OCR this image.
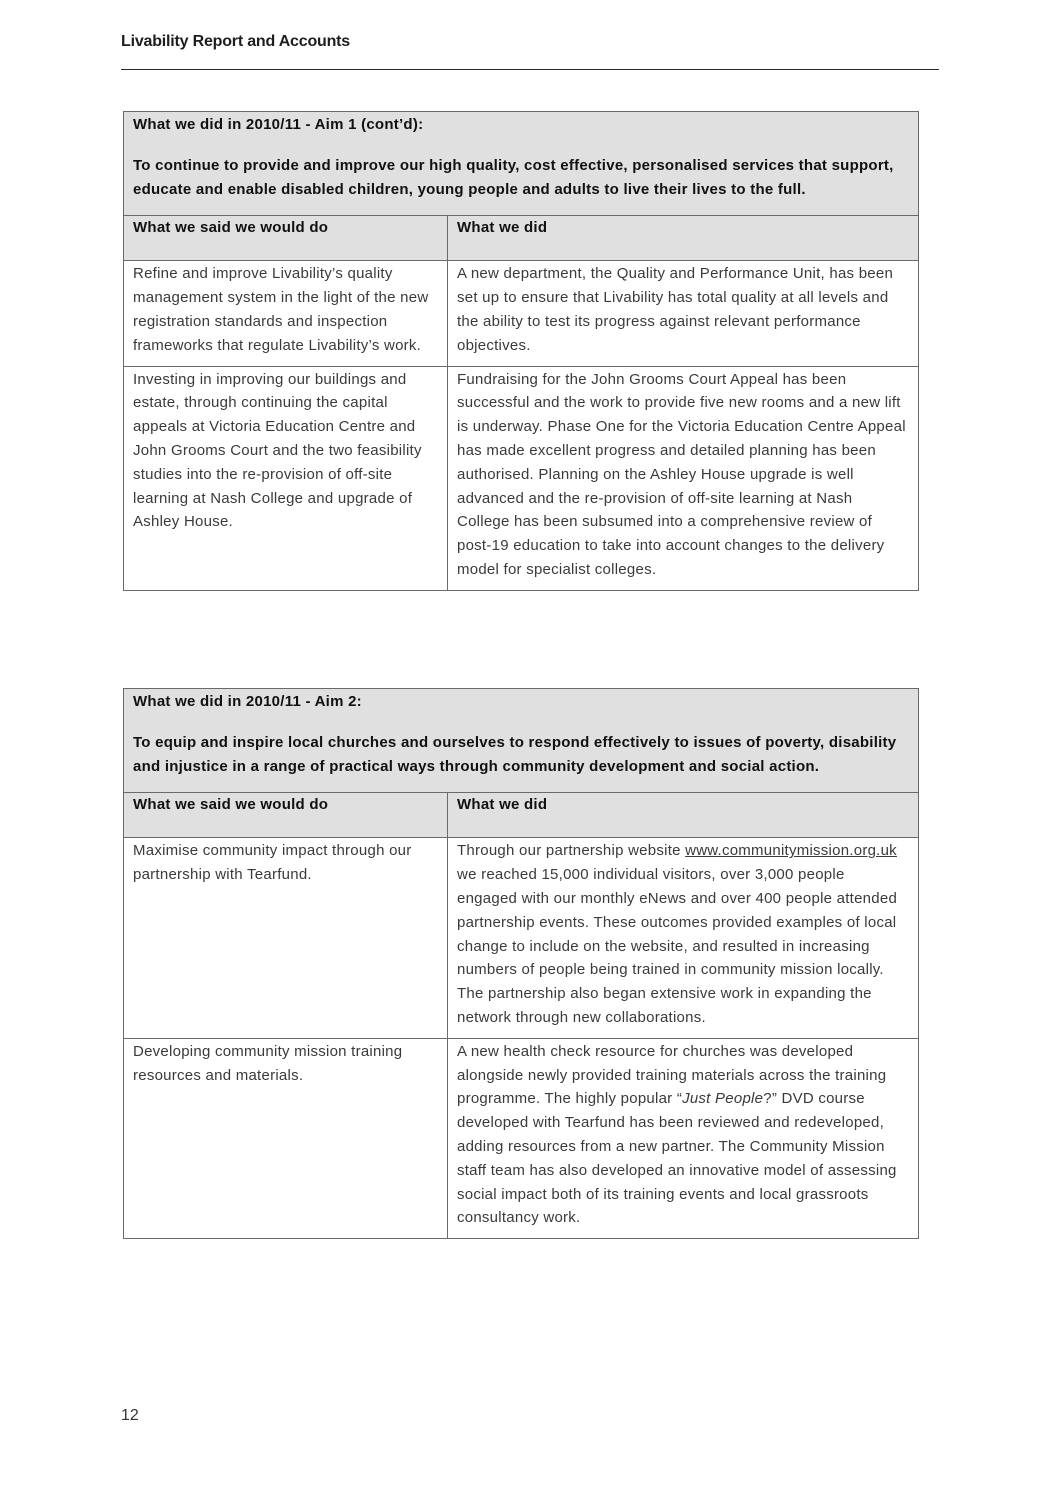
Livability Report and Accounts
What we did in 2010/11 - Aim 1 (cont’d):
To continue to provide and improve our high quality, cost effective, personalised services that support, educate and enable disabled children, young people and adults to live their lives to the full.	

What we said we would do	What we did
Refine and improve Livability’s quality management system in the light of the new registration standards and inspection frameworks that regulate Livability’s work.	A new department, the Quality and Performance Unit, has been set up to ensure that Livability has total quality at all levels and the ability to test its progress against relevant performance objectives.
Investing in improving our buildings and estate, through continuing the capital appeals at Victoria Education Centre and John Grooms Court and the two feasibility studies into the re-provision of off-site learning at Nash College and upgrade of Ashley House.	Fundraising for the John Grooms Court Appeal has been successful and the work to provide five new rooms and a new lift is underway. Phase One for the Victoria Education Centre Appeal has made excellent progress and detailed planning has been authorised. Planning on the Ashley House upgrade is well advanced and the re-provision of off-site learning at Nash College has been subsumed into a comprehensive review of post-19 education to take into account changes to the delivery model for specialist colleges.
What we did in 2010/11 - Aim 2:
To equip and inspire local churches and ourselves to respond effectively to issues of poverty, disability and injustice in a range of practical ways through community development and social action.	

What we said we would do	What we did
Maximise community impact through our partnership with Tearfund.	Through our partnership website www.communitymission.org.uk we reached 15,000 individual visitors, over 3,000 people engaged with our monthly eNews and over 400 people attended partnership events. These outcomes provided examples of local change to include on the website, and resulted in increasing numbers of people being trained in community mission locally. The partnership also began extensive work in expanding the network through new collaborations.
Developing community mission training resources and materials.	A new health check resource for churches was developed alongside newly provided training materials across the training programme. The highly popular “Just People?” DVD course developed with Tearfund has been reviewed and redeveloped, adding resources from a new partner. The Community Mission staff team has also developed an innovative model of assessing social impact both of its training events and local grassroots consultancy work.
12
